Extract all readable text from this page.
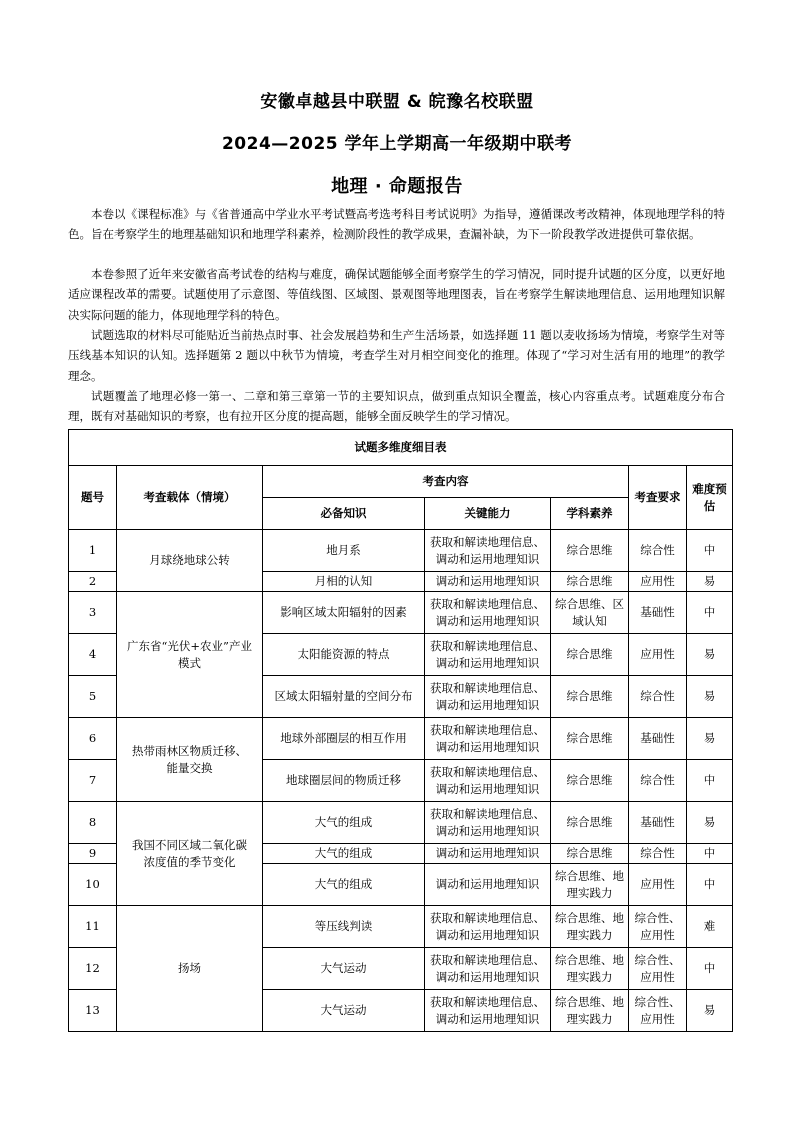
安徽卓越县中联盟 & 皖豫名校联盟
2024—2025 学年上学期高一年级期中联考
地理 · 命题报告

本卷以《课程标准》与《省普通高中学业水平考试暨高考选考科目考试说明》为指导，遵循课改考改精神，体现地理学科的特色。旨在考察学生的地理基础知识和地理学科素养，检测阶段性的教学成果，查漏补缺，为下一阶段教学改进提供可靠依据。

本卷参照了近年来安徽省高考试卷的结构与难度，确保试题能够全面考察学生的学习情况，同时提升试题的区分度，以更好地适应课程改革的需要。试题使用了示意图、等值线图、区域图、景观图等地理图表，旨在考察学生解读地理信息、运用地理知识解决实际问题的能力，体现地理学科的特色。

试题选取的材料尽可能贴近当前热点时事、社会发展趋势和生产生活场景，如选择题 11 题以麦收扬场为情境，考察学生对等压线基本知识的认知。选择题第 2 题以中秋节为情境，考查学生对月相空间变化的推理。体现了“学习对生活有用的地理”的教学理念。

试题覆盖了地理必修一第一、二章和第三章第一节的主要知识点，做到重点知识全覆盖，核心内容重点考。试题难度分布合理，既有对基础知识的考察，也有拉开区分度的提高题，能够全面反映学生的学习情况。

试题多维度细目表						
题号	考查载体（情境）	考查内容			考查要求	难度预估
		必备知识	关键能力	学科素养		
1	月球绕地球公转	地月系	获取和解读地理信息、调动和运用地理知识	综合思维	综合性	中
2		月相的认知	调动和运用地理知识	综合思维	应用性	易
3	广东省“光伏+农业”产业模式	影响区域太阳辐射的因素	获取和解读地理信息、调动和运用地理知识	综合思维、区域认知	基础性	中
4		太阳能资源的特点	获取和解读地理信息、调动和运用地理知识	综合思维	应用性	易
5		区域太阳辐射量的空间分布	获取和解读地理信息、调动和运用地理知识	综合思维	综合性	易
6	热带雨林区物质迁移、能量交换	地球外部圈层的相互作用	获取和解读地理信息、调动和运用地理知识	综合思维	基础性	易
7		地球圈层间的物质迁移	获取和解读地理信息、调动和运用地理知识	综合思维	综合性	中
8	我国不同区域二氧化碳浓度值的季节变化	大气的组成	获取和解读地理信息、调动和运用地理知识	综合思维	基础性	易
9		大气的组成	调动和运用地理知识	综合思维	综合性	中
10		大气的组成	调动和运用地理知识	综合思维、地理实践力	应用性	中
11	扬场	等压线判读	获取和解读地理信息、调动和运用地理知识	综合思维、地理实践力	综合性、应用性	难
12		大气运动	获取和解读地理信息、调动和运用地理知识	综合思维、地理实践力	综合性、应用性	中
13		大气运动	获取和解读地理信息、调动和运用地理知识	综合思维、地理实践力	综合性、应用性	易
